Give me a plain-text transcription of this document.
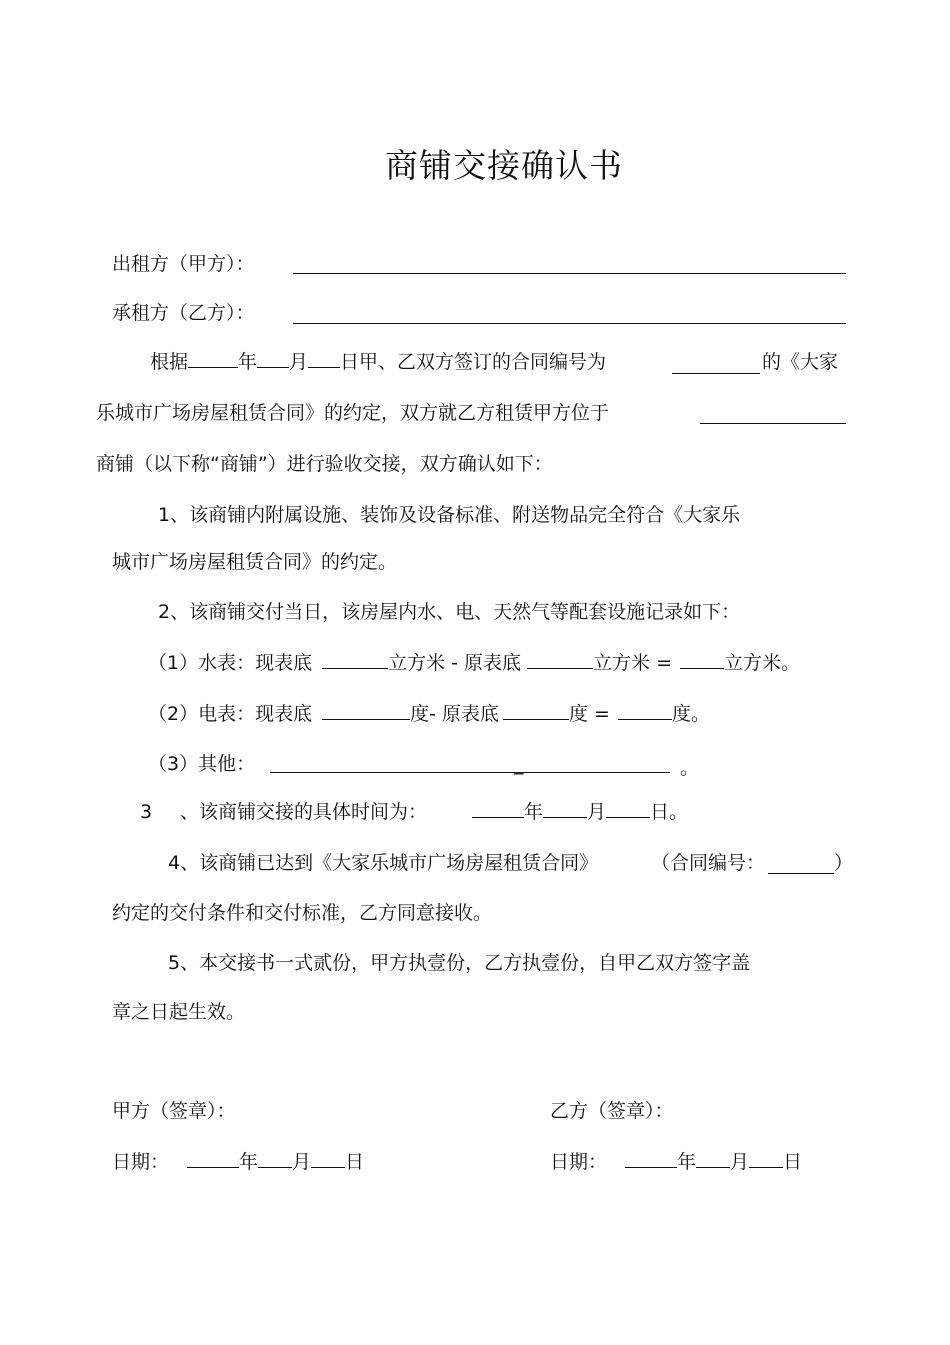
商铺交接确认书
出租方（甲方）：
承租方（乙方）：
根据	年 月 日甲、乙双方签订的合同编号为	的《大家
乐城市广场房屋租赁合同》的约定，双方就乙方租赁甲方位于
商铺（以下称“商铺”）进行验收交接，双方确认如下：
1、该商铺内附属设施、装饰及设备标准、附送物品完全符合《大家乐
城市广场房屋租赁合同》的约定。
2、该商铺交付当日，该房屋内水、电、天然气等配套设施记录如下：
（1）水表：现表底	立方米 - 原表底	立方米 =	立方米。
（2）电表：现表底	度- 原表底	度 =	度。
（3）其他：	_	。
3 、该商铺交接的具体时间为：	年 月 日。
4、该商铺已达到《大家乐城市广场房屋租赁合同》	（合同编号：	）
约定的交付条件和交付标准，乙方同意接收。
5、本交接书一式贰份，甲方执壹份，乙方执壹份，自甲乙双方签字盖
章之日起生效。
甲方（签章）：	乙方（签章）：
日期：	年 月 日	日期：	年 月 日
